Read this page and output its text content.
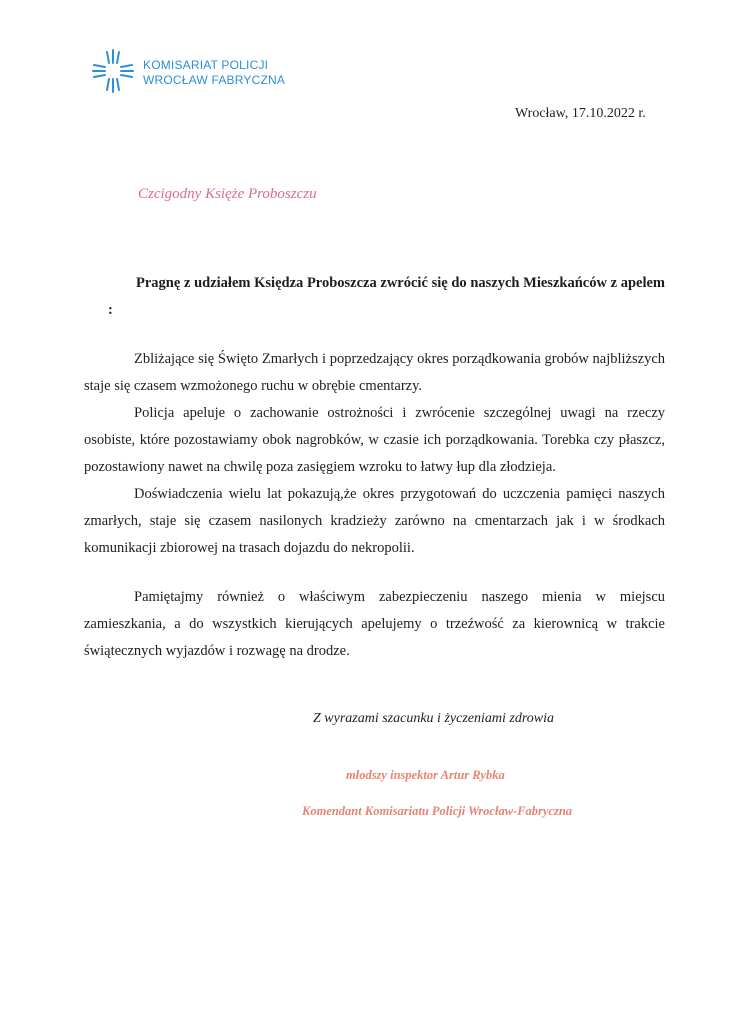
KOMISARIAT POLICJI
WROCŁAW FABRYCZNA
Wrocław, 17.10.2022 r.
Czcigodny Księże Proboszczu
Pragnę z udziałem Księdza Proboszcza zwrócić się do naszych Mieszkańców z apelem :
Zbliżające się Święto Zmarłych i poprzedzający okres porządkowania grobów najbliższych staje się czasem wzmożonego ruchu w obrębie cmentarzy.
Policja apeluje o zachowanie ostrożności i zwrócenie szczególnej uwagi na rzeczy osobiste, które pozostawiamy obok nagrobków, w czasie ich porządkowania. Torebka czy płaszcz, pozostawiony nawet na chwilę poza zasięgiem wzroku to łatwy łup dla złodzieja.
Doświadczenia wielu lat pokazują,że okres przygotowań do uczczenia pamięci naszych zmarłych, staje się czasem nasilonych kradzieży zarówno na cmentarzach jak i w środkach komunikacji zbiorowej na trasach dojazdu do nekropolii.
Pamiętajmy również o właściwym zabezpieczeniu naszego mienia w miejscu zamieszkania, a do wszystkich kierujących apelujemy o trzeźwość za kierownicą w trakcie świątecznych wyjazdów i rozwagę na drodze.
Z wyrazami szacunku i życzeniami zdrowia
młodszy inspektor Artur Rybka
Komendant Komisariatu Policji Wrocław-Fabryczna
